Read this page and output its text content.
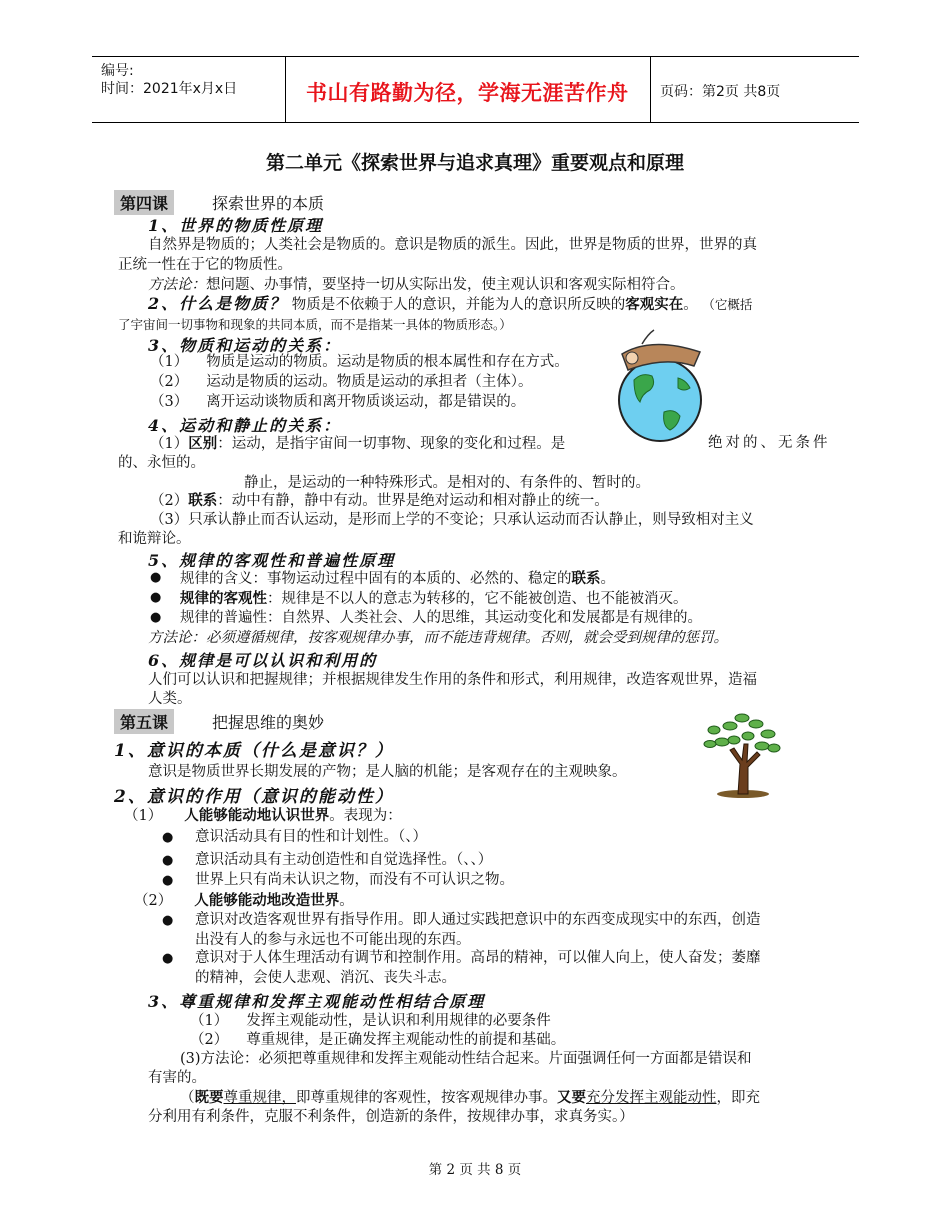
编号:
时间：2021年x月x日	书山有路勤为径，学海无涯苦作舟 页码：第2页 共8页
第二单元《探索世界与追求真理》重要观点和原理
第四课	探索世界的本质
1、世界的物质性原理
自然界是物质的；人类社会是物质的。意识是物质的派生。因此，世界是物质的世界，世界的真
正统一性在于它的物质性。
方法论：想问题、办事情，要坚持一切从实际出发，使主观认识和客观实际相符合。
2、什么是物质？ 物质是不依赖于人的意识，并能为人的意识所反映的客观实在。 （它概括
了宇宙间一切事物和现象的共同本质，而不是指某一具体的物质形态。）
3、物质和运动的关系：
（1） 物质是运动的物质。运动是物质的根本属性和存在方式。
（2） 运动是物质的运动。物质是运动的承担者（主体）。
（3） 离开运动谈物质和离开物质谈运动，都是错误的。
4、运动和静止的关系：
（1）区别：运动，是指宇宙间一切事物、现象的变化和过程。是	绝对的、无条件
的、永恒的。
静止，是运动的一种特殊形式。是相对的、有条件的、暂时的。
（2）联系：动中有静，静中有动。世界是绝对运动和相对静止的统一。
（3）只承认静止而否认运动，是形而上学的不变论；只承认运动而否认静止，则导致相对主义
和诡辩论。
5、规律的客观性和普遍性原理
● 规律的含义：事物运动过程中固有的本质的、必然的、稳定的联系。
● 规律的客观性：规律是不以人的意志为转移的，它不能被创造、也不能被消灭。
● 规律的普遍性：自然界、人类社会、人的思维，其运动变化和发展都是有规律的。
方法论：必须遵循规律，按客观规律办事，而不能违背规律。否则，就会受到规律的惩罚。
6、规律是可以认识和利用的
人们可以认识和把握规律；并根据规律发生作用的条件和形式，利用规律，改造客观世界，造福
人类。
第五课	把握思维的奥妙
1、意识的本质（什么是意识？）
意识是物质世界长期发展的产物；是人脑的机能；是客观存在的主观映象。
2、意识的作用（意识的能动性）
（1） 人能够能动地认识世界。表现为：
● 意识活动具有目的性和计划性。（、）
● 意识活动具有主动创造性和自觉选择性。（、、）
● 世界上只有尚未认识之物，而没有不可认识之物。
（2） 人能够能动地改造世界。
● 意识对改造客观世界有指导作用。即人通过实践把意识中的东西变成现实中的东西，创造
出没有人的参与永远也不可能出现的东西。
● 意识对于人体生理活动有调节和控制作用。高昂的精神，可以催人向上，使人奋发；萎靡
的精神，会使人悲观、消沉、丧失斗志。
3、尊重规律和发挥主观能动性相结合原理
（1） 发挥主观能动性，是认识和利用规律的必要条件
（2） 尊重规律，是正确发挥主观能动性的前提和基础。
(3)方法论：必须把尊重规律和发挥主观能动性结合起来。片面强调任何一方面都是错误和
有害的。
（既要尊重规律，即尊重规律的客观性，按客观规律办事。又要充分发挥主观能动性，即充
分利用有利条件，克服不利条件，创造新的条件，按规律办事，求真务实。）
第 2 页 共 8 页
